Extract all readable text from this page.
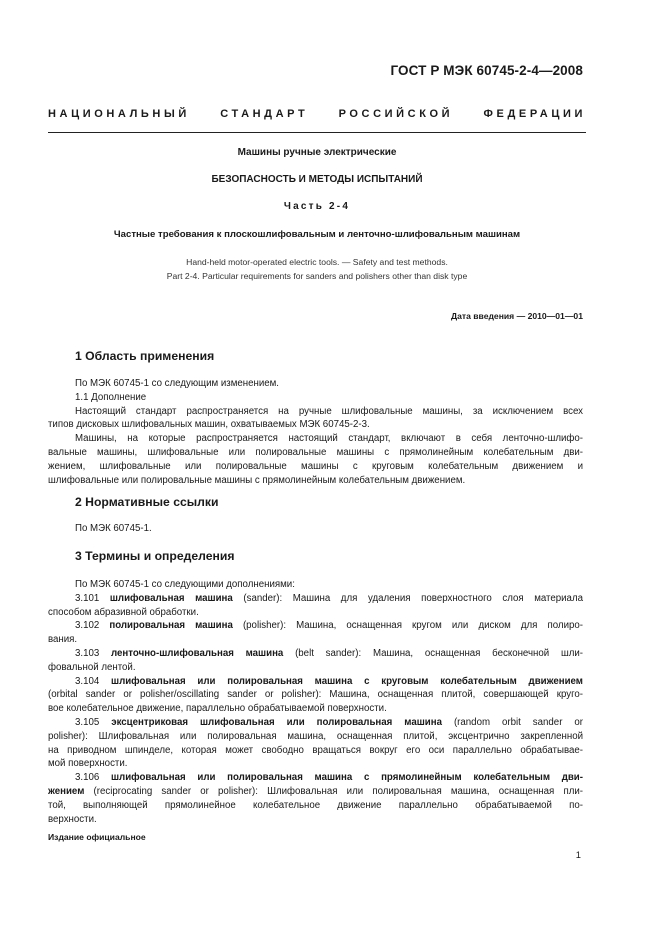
ГОСТ Р МЭК 60745-2-4—2008
НАЦИОНАЛЬНЫЙ СТАНДАРТ РОССИЙСКОЙ ФЕДЕРАЦИИ
Машины ручные электрические
БЕЗОПАСНОСТЬ И МЕТОДЫ ИСПЫТАНИЙ
Часть 2-4
Частные требования к плоскошлифовальным и ленточно-шлифовальным машинам
Hand-held motor-operated electric tools. — Safety and test methods.
Part 2-4. Particular requirements for sanders and polishers other than disk type
Дата введения — 2010—01—01
1 Область применения
По МЭК 60745-1 со следующим изменением.
1.1 Дополнение
Настоящий стандарт распространяется на ручные шлифовальные машины, за исключением всех
типов дисковых шлифовальных машин, охватываемых МЭК 60745-2-3.
Машины, на которые распространяется настоящий стандарт, включают в себя ленточно-шлифо-
вальные машины, шлифовальные или полировальные машины с прямолинейным колебательным дви-
жением, шлифовальные или полировальные машины с круговым колебательным движением и
шлифовальные или полировальные машины с прямолинейным колебательным движением.
2 Нормативные ссылки
По МЭК 60745-1.
3 Термины и определения
По МЭК 60745-1 со следующими дополнениями:
3.101 шлифовальная машина (sander): Машина для удаления поверхностного слоя материала
способом абразивной обработки.
3.102 полировальная машина (polisher): Машина, оснащенная кругом или диском для полиро-
вания.
3.103 ленточно-шлифовальная машина (belt sander): Машина, оснащенная бесконечной шли-
фовальной лентой.
3.104 шлифовальная или полировальная машина с круговым колебательным движением
(orbital sander or polisher/oscillating sander or polisher): Машина, оснащенная плитой, совершающей круго-
вое колебательное движение, параллельно обрабатываемой поверхности.
3.105 эксцентриковая шлифовальная или полировальная машина (random orbit sander or
polisher): Шлифовальная или полировальная машина, оснащенная плитой, эксцентрично закрепленной
на приводном шпинделе, которая может свободно вращаться вокруг его оси параллельно обрабатывае-
мой поверхности.
3.106 шлифовальная или полировальная машина с прямолинейным колебательным дви-
жением (reciprocating sander or polisher): Шлифовальная или полировальная машина, оснащенная пли-
той, выполняющей прямолинейное колебательное движение параллельно обрабатываемой по-
верхности.
Издание официальное
1
